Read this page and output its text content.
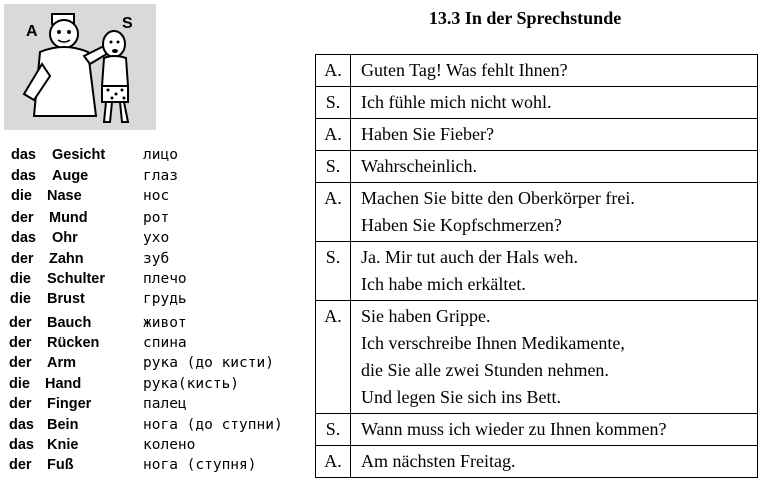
A	S
das Gesicht	лицо
das Auge	глаз
die Nase	нос
der Mund	рот
das Ohr	ухо
der Zahn	зуб
die Schulter	плечо
die Brust	грудь
der Bauch	живот
der Rücken	спина
der Arm	рука (до кисти)
die Hand	рука(кисть)
der Finger	палец
das Bein	нога (до ступни)
das Knie	колено
der Fuß	нога (ступня)
13.3 In der Sprechstunde
A.	Guten Tag! Was fehlt Ihnen?

S.	Ich fühle mich nicht wohl.

A.	Haben Sie Fieber?

S.	Wahrscheinlich.

A.	Machen Sie bitte den Oberkörper frei.
Haben Sie Kopfschmerzen?

S.	Ja. Mir tut auch der Hals weh.
Ich habe mich erkältet.

A.	Sie haben Grippe.
Ich verschreibe Ihnen Medikamente,
die Sie alle zwei Stunden nehmen.
Und legen Sie sich ins Bett.

S.	Wann muss ich wieder zu Ihnen kommen?

A.	Am nächsten Freitag.
